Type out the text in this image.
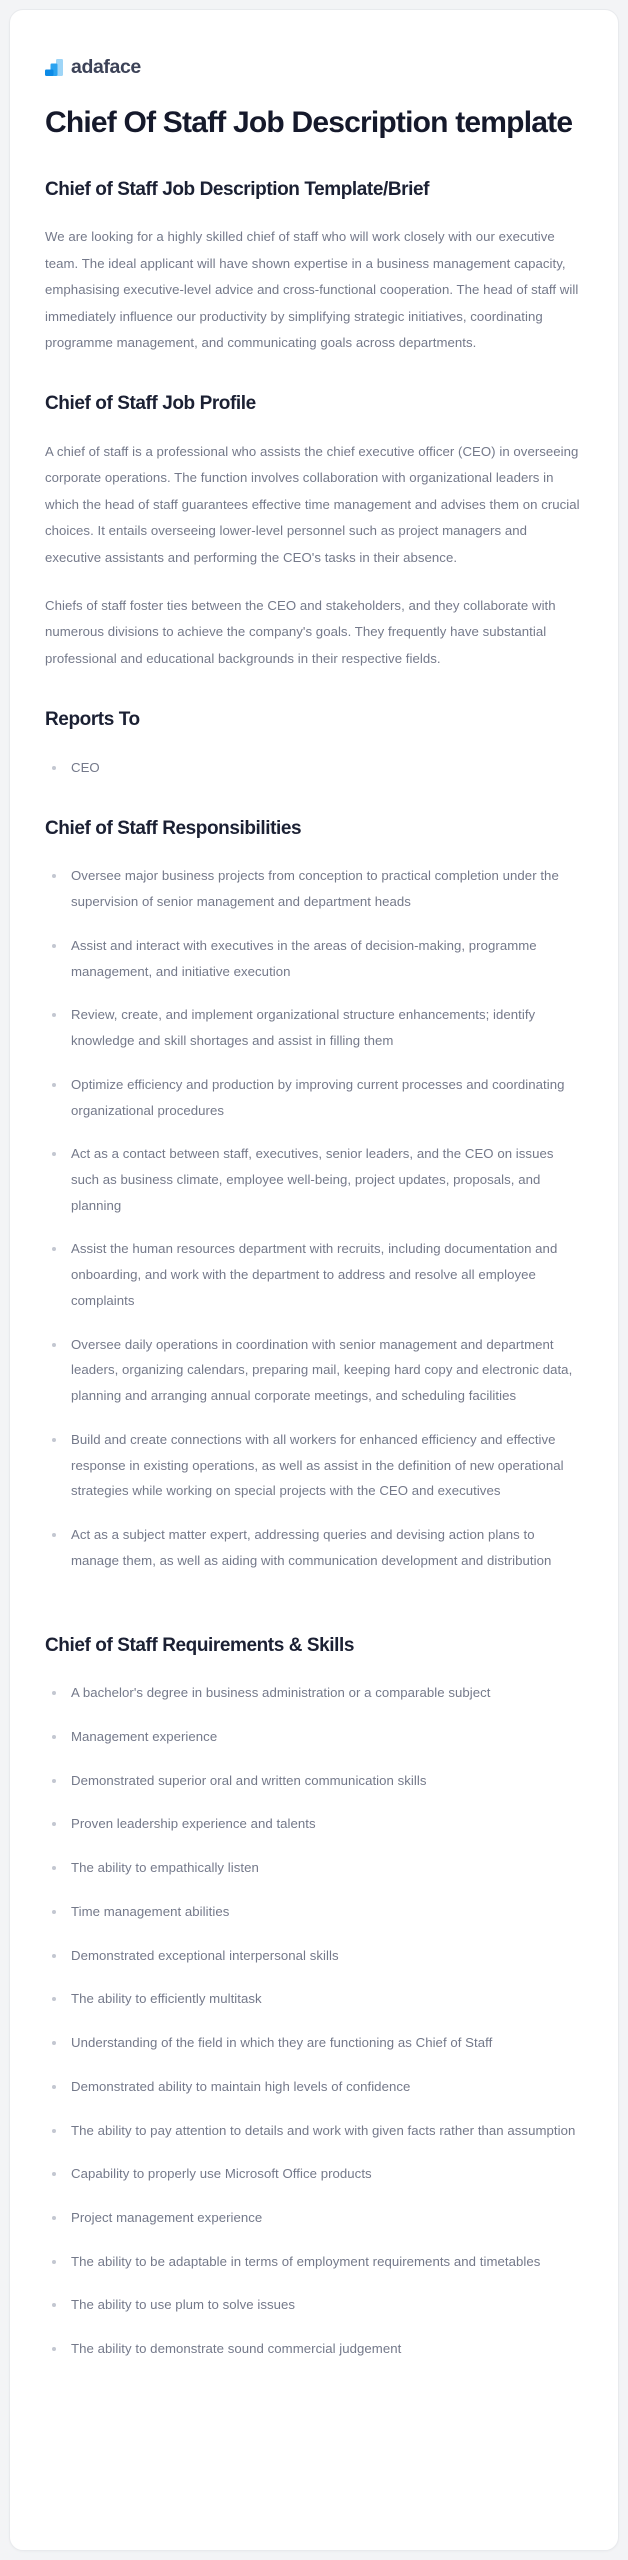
adaface
Chief Of Staff Job Description template
Chief of Staff Job Description Template/Brief

We are looking for a highly skilled chief of staff who will work closely with our executive team. The ideal applicant will have shown expertise in a business management capacity, emphasising executive-level advice and cross-functional cooperation. The head of staff will immediately influence our productivity by simplifying strategic initiatives, coordinating programme management, and communicating goals across departments.

Chief of Staff Job Profile

A chief of staff is a professional who assists the chief executive officer (CEO) in overseeing corporate operations. The function involves collaboration with organizational leaders in which the head of staff guarantees effective time management and advises them on crucial choices. It entails overseeing lower-level personnel such as project managers and executive assistants and performing the CEO's tasks in their absence.

Chiefs of staff foster ties between the CEO and stakeholders, and they collaborate with numerous divisions to achieve the company's goals. They frequently have substantial professional and educational backgrounds in their respective fields.

Reports To
CEO
Chief of Staff Responsibilities
Oversee major business projects from conception to practical completion under the supervision of senior management and department heads
Assist and interact with executives in the areas of decision-making, programme management, and initiative execution
Review, create, and implement organizational structure enhancements; identify knowledge and skill shortages and assist in filling them
Optimize efficiency and production by improving current processes and coordinating organizational procedures
Act as a contact between staff, executives, senior leaders, and the CEO on issues such as business climate, employee well-being, project updates, proposals, and planning
Assist the human resources department with recruits, including documentation and onboarding, and work with the department to address and resolve all employee complaints
Oversee daily operations in coordination with senior management and department leaders, organizing calendars, preparing mail, keeping hard copy and electronic data, planning and arranging annual corporate meetings, and scheduling facilities
Build and create connections with all workers for enhanced efficiency and effective response in existing operations, as well as assist in the definition of new operational strategies while working on special projects with the CEO and executives
Act as a subject matter expert, addressing queries and devising action plans to manage them, as well as aiding with communication development and distribution
Chief of Staff Requirements & Skills
A bachelor's degree in business administration or a comparable subject
Management experience
Demonstrated superior oral and written communication skills
Proven leadership experience and talents
The ability to empathically listen
Time management abilities
Demonstrated exceptional interpersonal skills
The ability to efficiently multitask
Understanding of the field in which they are functioning as Chief of Staff
Demonstrated ability to maintain high levels of confidence
The ability to pay attention to details and work with given facts rather than assumption
Capability to properly use Microsoft Office products
Project management experience
The ability to be adaptable in terms of employment requirements and timetables
The ability to use plum to solve issues
The ability to demonstrate sound commercial judgement
